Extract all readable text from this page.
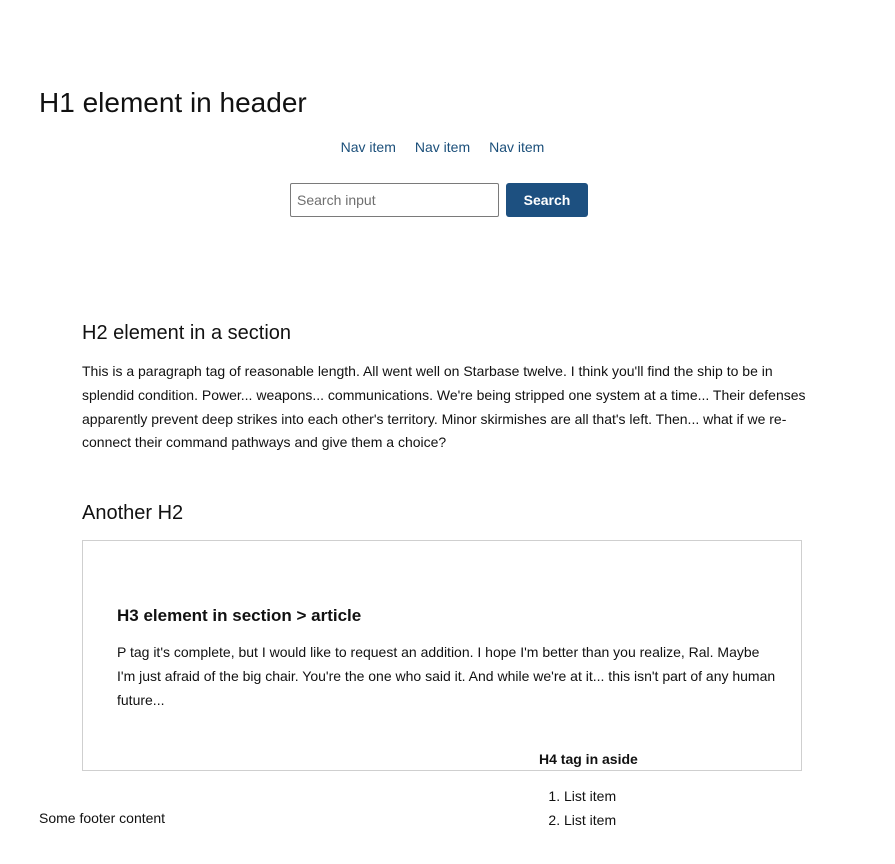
H1 element in header
Nav item Nav item Nav item
Search input
Search
H2 element in a section

This is a paragraph tag of reasonable length. All went well on Starbase twelve. I think you'll find the ship to be in splendid condition. Power... weapons... communications. We're being stripped one system at a time... Their defenses apparently prevent deep strikes into each other's territory. Minor skirmishes are all that's left. Then... what if we re-connect their command pathways and give them a choice?

Another H2
H3 element in section > article

P tag it's complete, but I would like to request an addition. I hope I'm better than you realize, Ral. Maybe I'm just afraid of the big chair. You're the one who said it. And while we're at it... this isn't part of any human future...

H4 tag in aside
1. List item
2. List item

Some footer content
